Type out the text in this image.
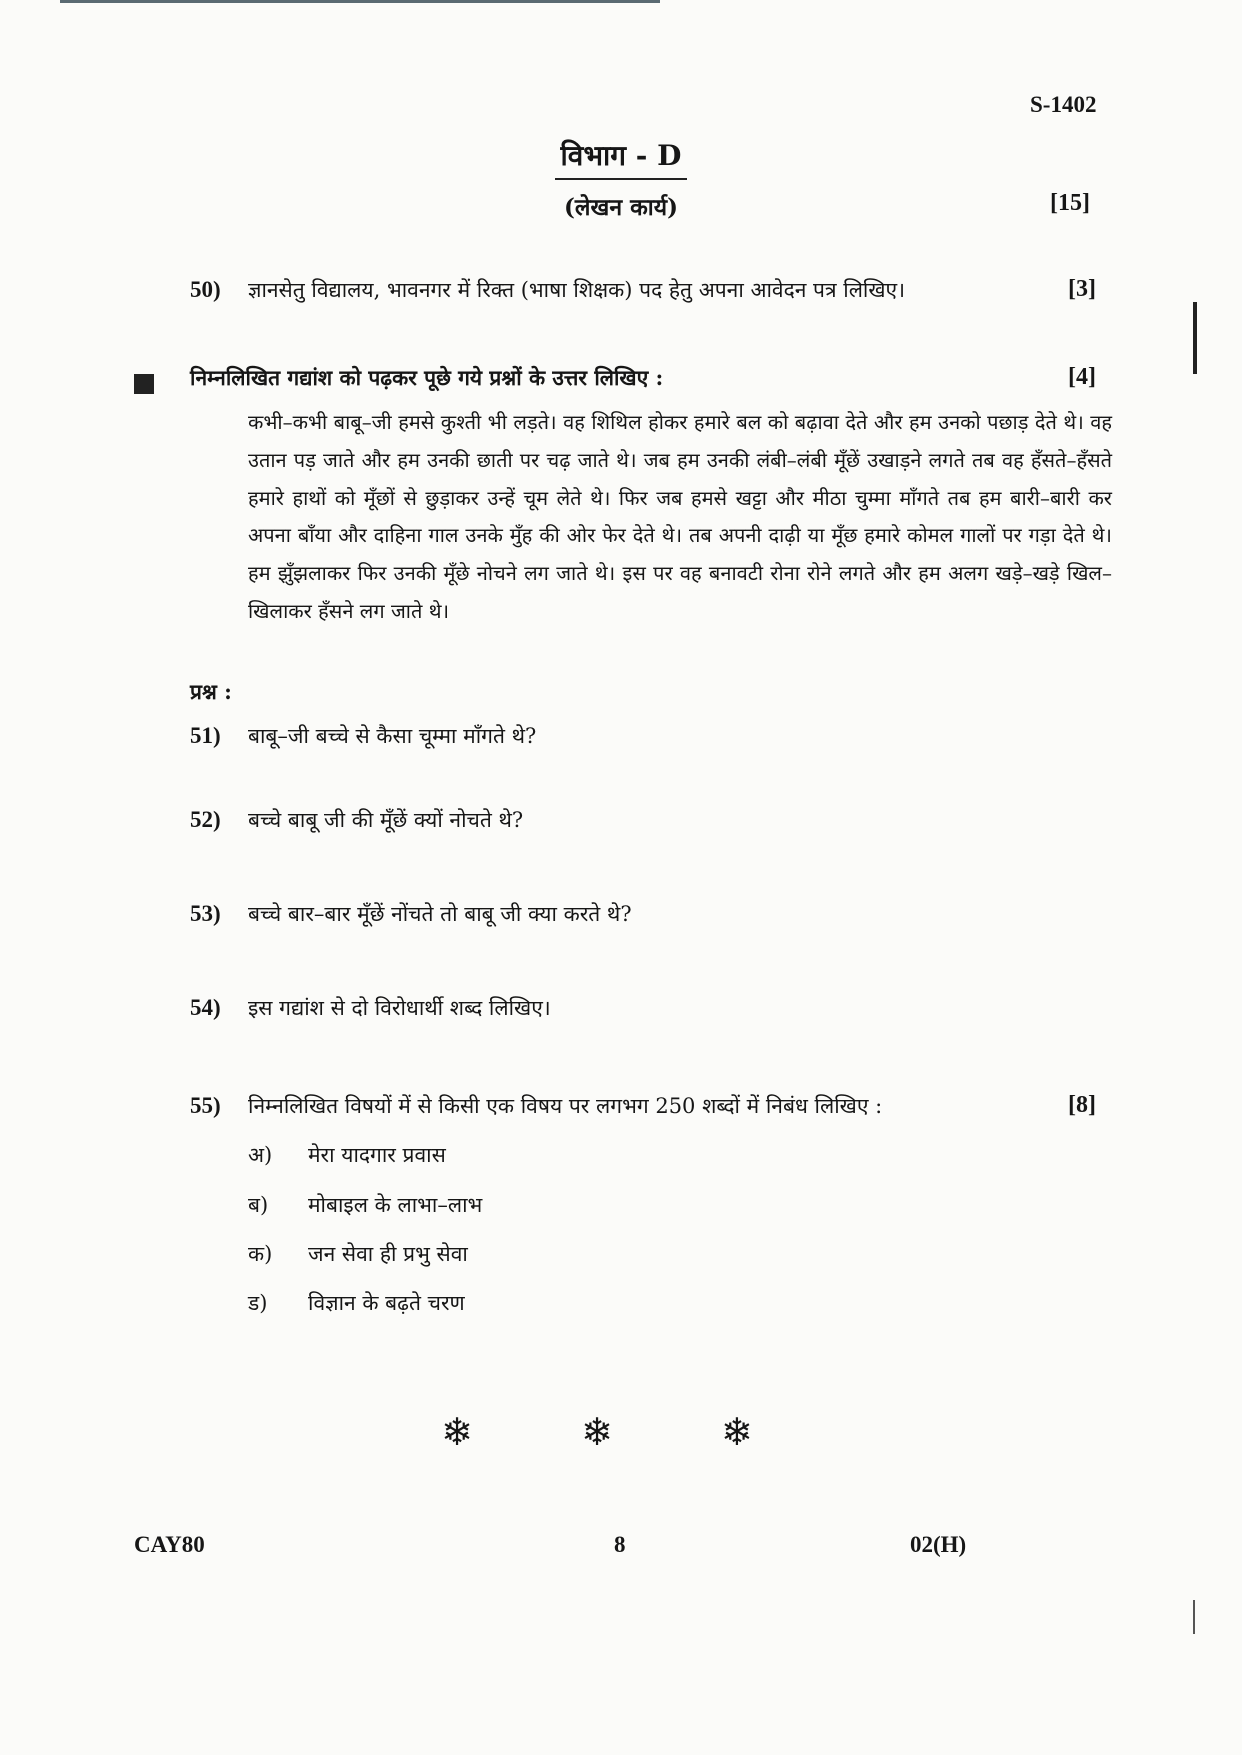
S-1402
विभाग - D
(लेखन कार्य)	[15]
50) ज्ञानसेतु विद्यालय, भावनगर में रिक्त (भाषा शिक्षक) पद हेतु अपना आवेदन पत्र लिखिए।	[3]
निम्नलिखित गद्यांश को पढ़कर पूछे गये प्रश्नों के उत्तर लिखिए :	[4]
कभी–कभी बाबू–जी हमसे कुश्ती भी लड़ते। वह शिथिल होकर हमारे बल को बढ़ावा देते और हम उनको पछाड़ देते थे। वह उतान पड़ जाते और हम उनकी छाती पर चढ़ जाते थे। जब हम उनकी लंबी–लंबी मूँछें उखाड़ने लगते तब वह हँसते–हँसते हमारे हाथों को मूँछों से छुड़ाकर उन्हें चूम लेते थे। फिर जब हमसे खट्टा और मीठा चुम्मा माँगते तब हम बारी–बारी कर अपना बाँया और दाहिना गाल उनके मुँह की ओर फेर देते थे। तब अपनी दाढ़ी या मूँछ हमारे कोमल गालों पर गड़ा देते थे। हम झुँझलाकर फिर उनकी मूँछे नोचने लग जाते थे। इस पर वह बनावटी रोना रोने लगते और हम अलग खड़े–खड़े खिल–खिलाकर हँसने लग जाते थे।
प्रश्न :
51) बाबू–जी बच्चे से कैसा चूम्मा माँगते थे?
52) बच्चे बाबू जी की मूँछें क्यों नोचते थे?
53) बच्चे बार–बार मूँछें नोंचते तो बाबू जी क्या करते थे?
54) इस गद्यांश से दो विरोधार्थी शब्द लिखिए।
55) निम्नलिखित विषयों में से किसी एक विषय पर लगभग 250 शब्दों में निबंध लिखिए :	[8]
अ) मेरा यादगार प्रवास
ब) मोबाइल के लाभा–लाभ
क) जन सेवा ही प्रभु सेवा
ड) विज्ञान के बढ़ते चरण
❄ ❄ ❄
CAY80	8	02(H)
